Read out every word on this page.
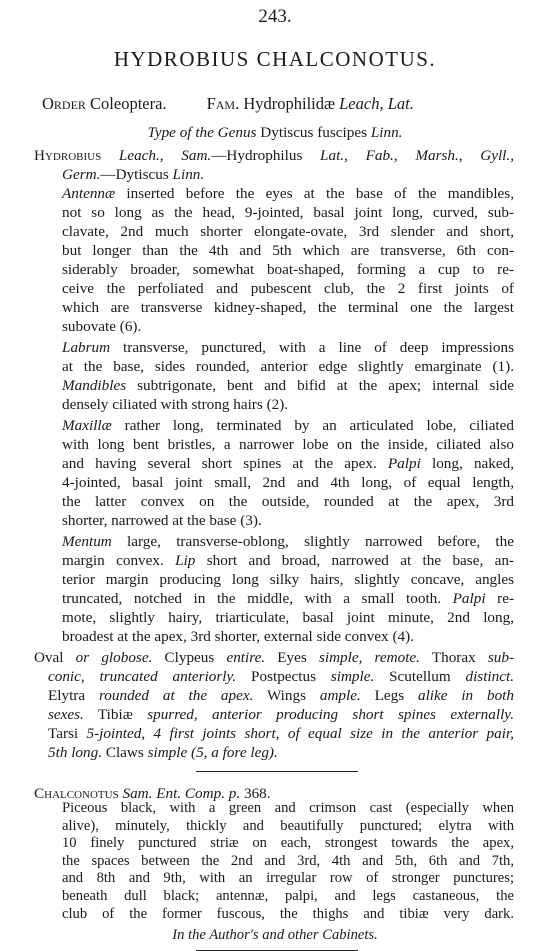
243.
HYDROBIUS CHALCONOTUS.
Order Coleoptera. Fam. Hydrophilidæ Leach, Lat.
Type of the Genus Dytiscus fuscipes Linn.
Hydrobius Leach., Sam.—Hydrophilus Lat., Fab., Marsh., Gyll.,
Germ.—Dytiscus Linn.
Antennæ inserted before the eyes at the base of the mandibles,
not so long as the head, 9-jointed, basal joint long, curved, sub-
clavate, 2nd much shorter elongate-ovate, 3rd slender and short,
but longer than the 4th and 5th which are transverse, 6th con-
siderably broader, somewhat boat-shaped, forming a cup to re-
ceive the perfoliated and pubescent club, the 2 first joints of
which are transverse kidney-shaped, the terminal one the largest
subovate (6).
Labrum transverse, punctured, with a line of deep impressions
at the base, sides rounded, anterior edge slightly emarginate (1).
Mandibles subtrigonate, bent and bifid at the apex; internal side
densely ciliated with strong hairs (2).
Maxillæ rather long, terminated by an articulated lobe, ciliated
with long bent bristles, a narrower lobe on the inside, ciliated also
and having several short spines at the apex. Palpi long, naked,
4-jointed, basal joint small, 2nd and 4th long, of equal length,
the latter convex on the outside, rounded at the apex, 3rd
shorter, narrowed at the base (3).
Mentum large, transverse-oblong, slightly narrowed before, the
margin convex. Lip short and broad, narrowed at the base, an-
terior margin producing long silky hairs, slightly concave, angles
truncated, notched in the middle, with a small tooth. Palpi re-
mote, slightly hairy, triarticulate, basal joint minute, 2nd long,
broadest at the apex, 3rd shorter, external side convex (4).
Oval or globose. Clypeus entire. Eyes simple, remote. Thorax sub-
conic, truncated anteriorly. Postpectus simple. Scutellum distinct.
Elytra rounded at the apex. Wings ample. Legs alike in both
sexes. Tibiæ spurred, anterior producing short spines externally.
Tarsi 5-jointed, 4 first joints short, of equal size in the anterior pair,
5th long. Claws simple (5, a fore leg).
Chalconotus Sam. Ent. Comp. p. 368.
Piceous black, with a green and crimson cast (especially when
alive), minutely, thickly and beautifully punctured; elytra with
10 finely punctured striæ on each, strongest towards the apex,
the spaces between the 2nd and 3rd, 4th and 5th, 6th and 7th,
and 8th and 9th, with an irregular row of stronger punctures;
beneath dull black; antennæ, palpi, and legs castaneous, the
club of the former fuscous, the thighs and tibiæ very dark.
In the Author's and other Cabinets.
